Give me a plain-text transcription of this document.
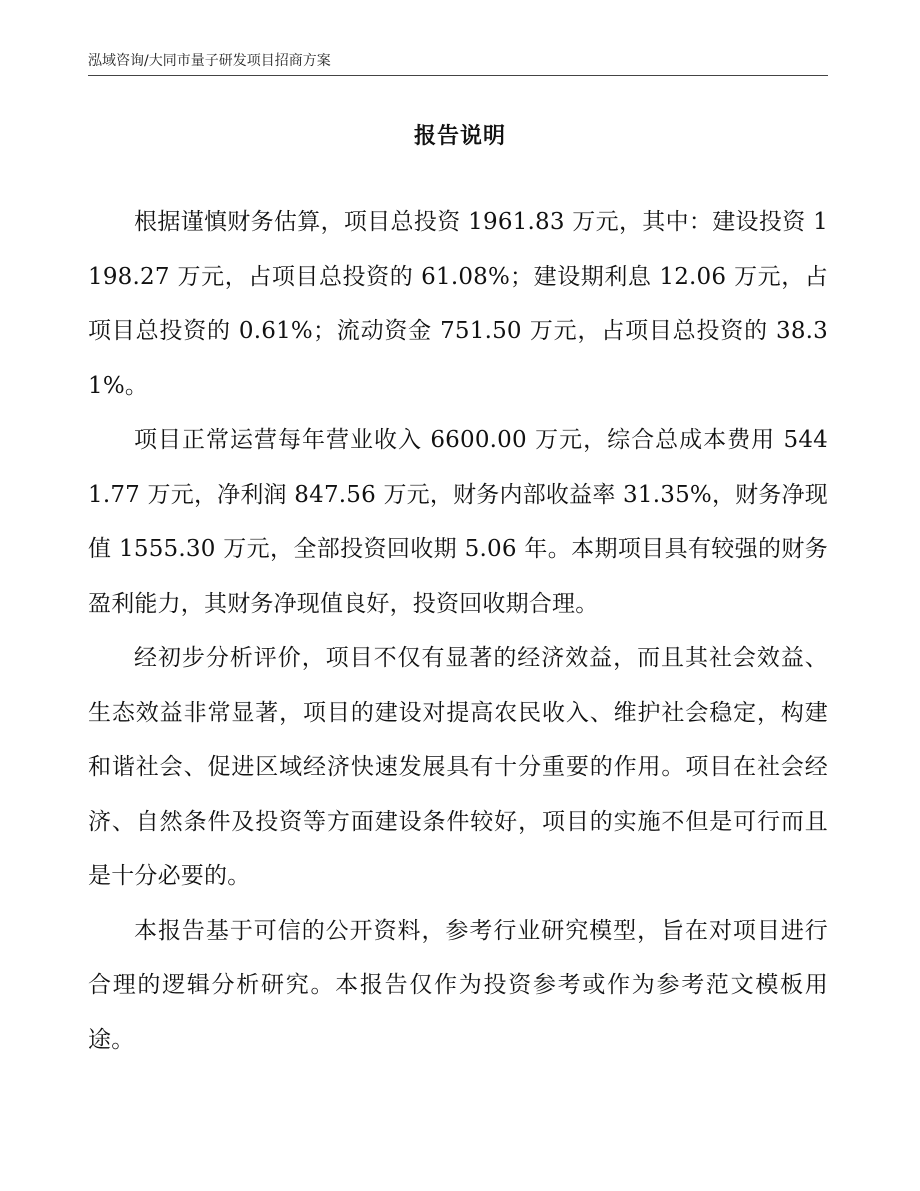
泓域咨询/大同市量子研发项目招商方案
报告说明

根据谨慎财务估算，项目总投资 1961.83 万元，其中：建设投资 1198.27 万元，占项目总投资的 61.08%；建设期利息 12.06 万元，占项目总投资的 0.61%；流动资金 751.50 万元，占项目总投资的 38.31%。

项目正常运营每年营业收入 6600.00 万元，综合总成本费用 5441.77 万元，净利润 847.56 万元，财务内部收益率 31.35%，财务净现值 1555.30 万元，全部投资回收期 5.06 年。本期项目具有较强的财务盈利能力，其财务净现值良好，投资回收期合理。

经初步分析评价，项目不仅有显著的经济效益，而且其社会效益、生态效益非常显著，项目的建设对提高农民收入、维护社会稳定，构建和谐社会、促进区域经济快速发展具有十分重要的作用。项目在社会经济、自然条件及投资等方面建设条件较好，项目的实施不但是可行而且是十分必要的。

本报告基于可信的公开资料，参考行业研究模型，旨在对项目进行合理的逻辑分析研究。本报告仅作为投资参考或作为参考范文模板用途。
